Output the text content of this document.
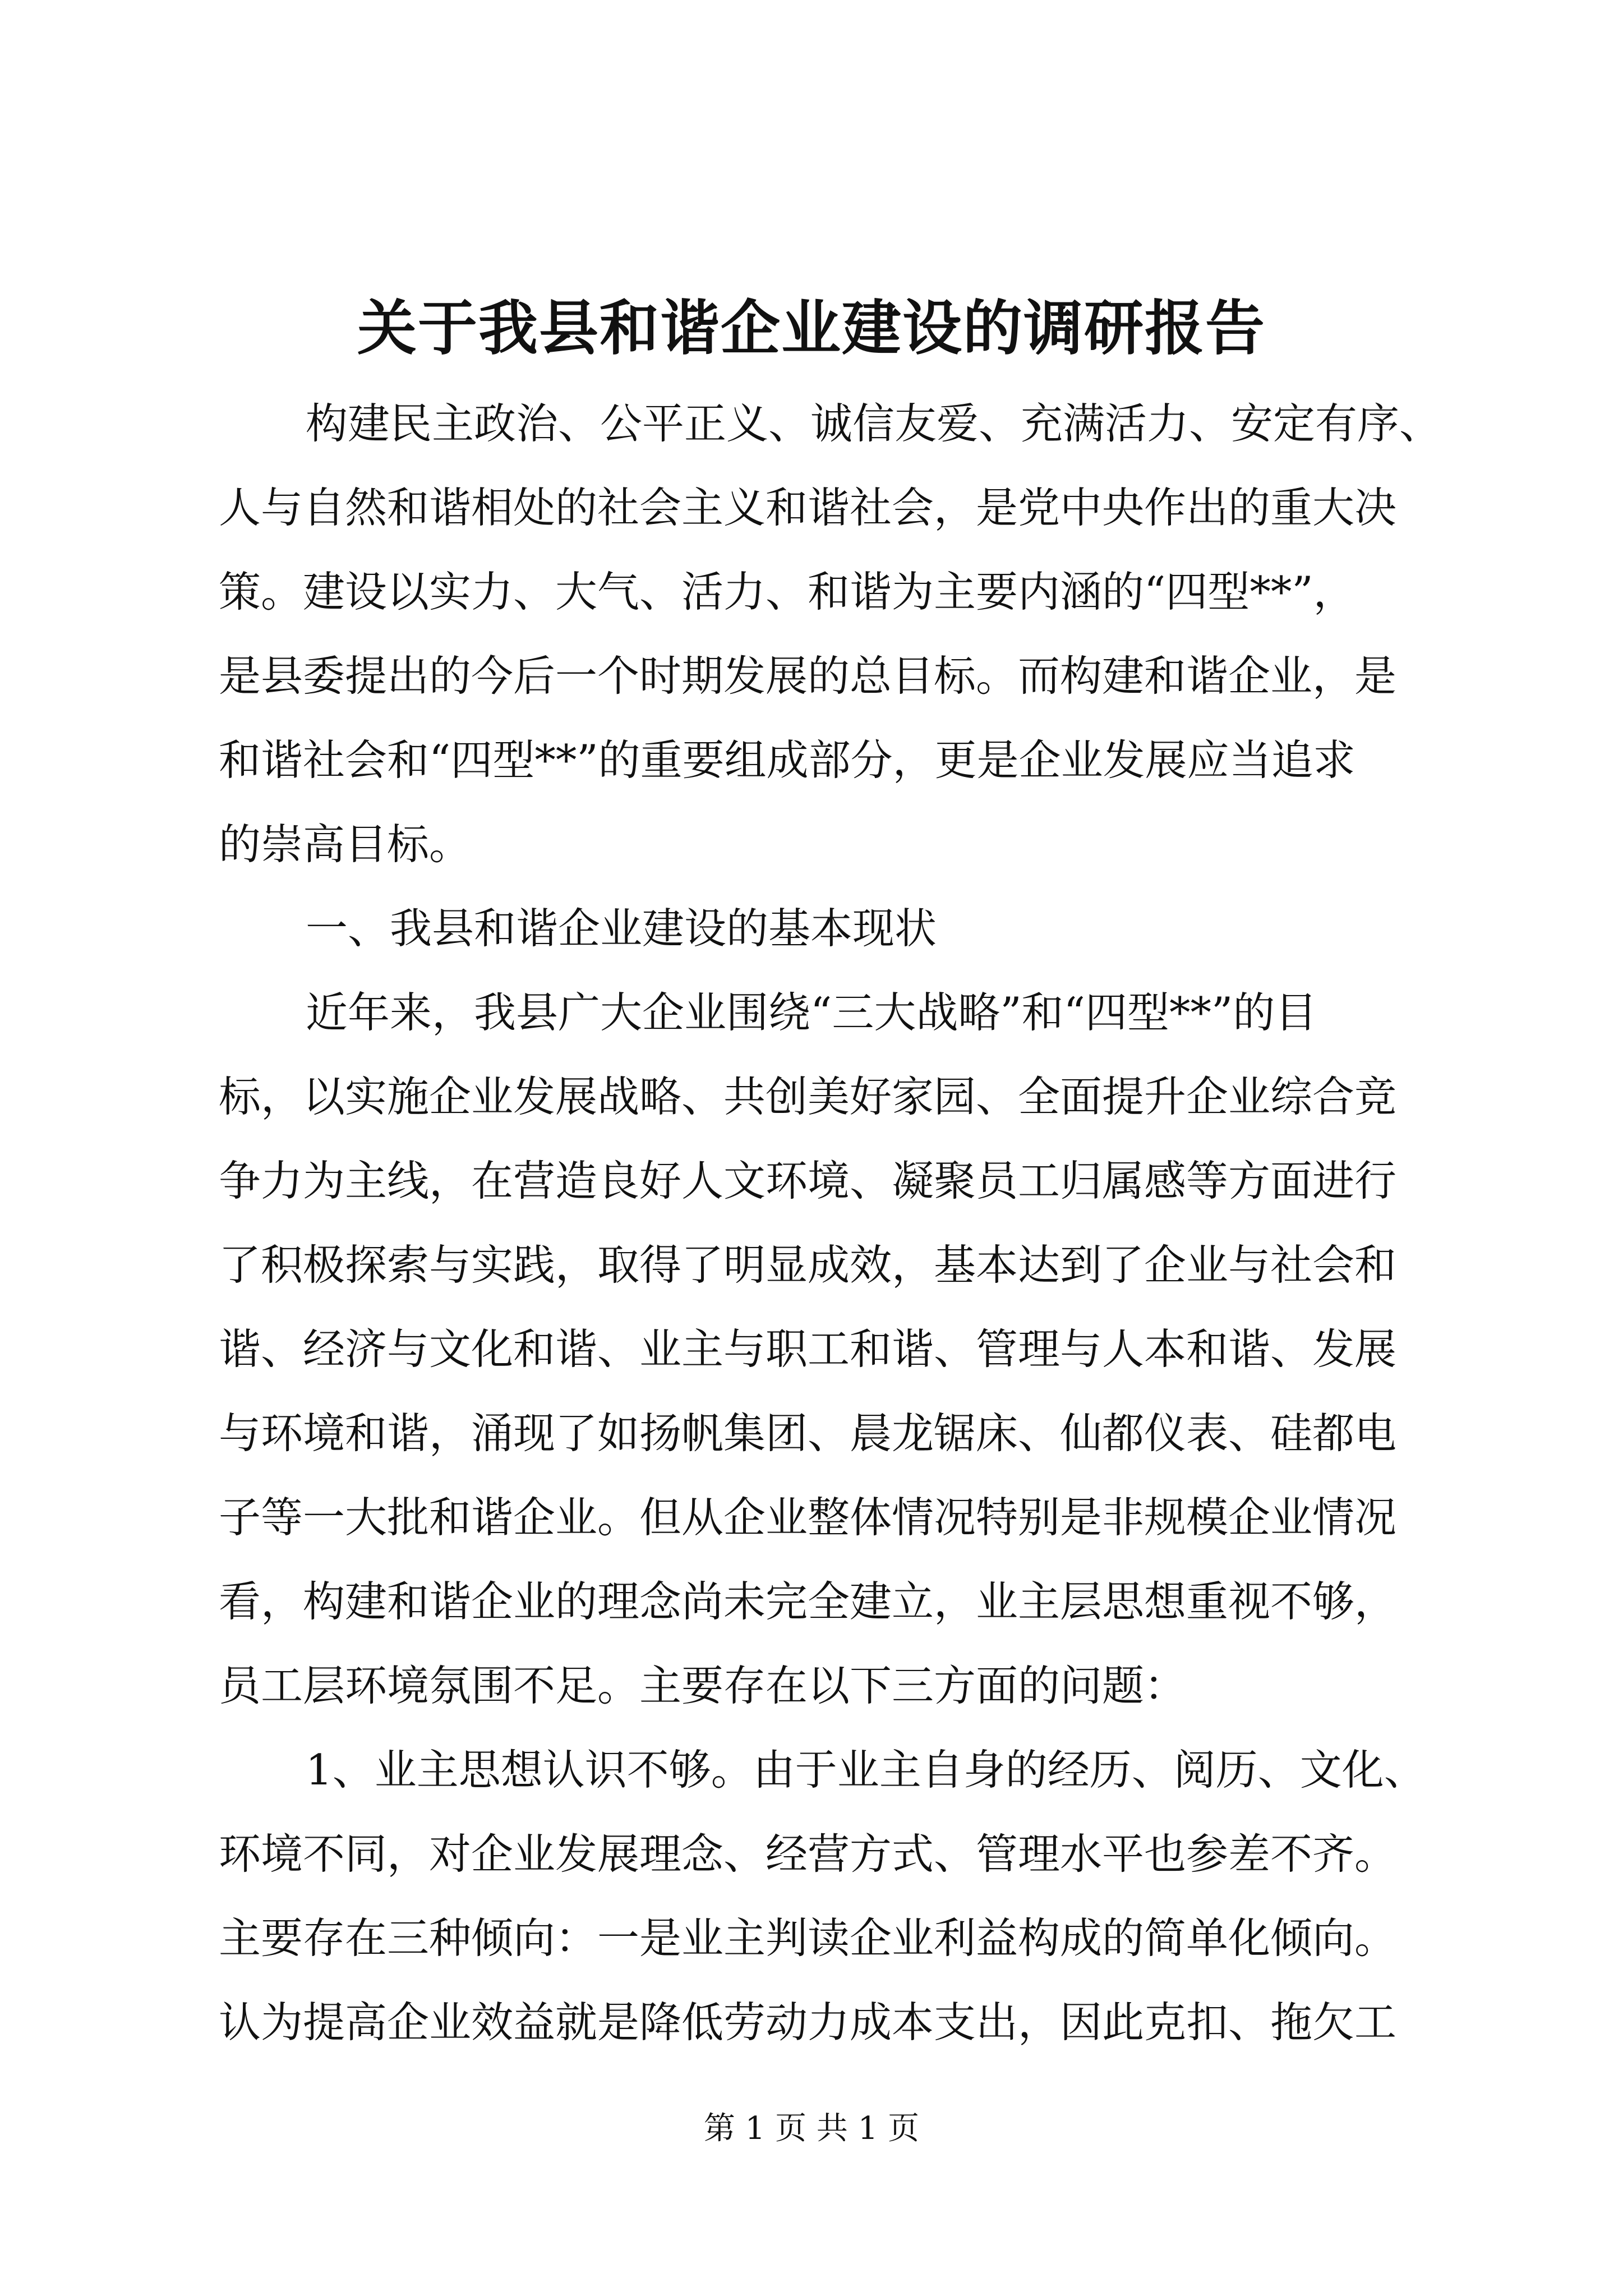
关于我县和谐企业建设的调研报告
构建民主政治、公平正义、诚信友爱、充满活力、安定有序、
人与自然和谐相处的社会主义和谐社会，是党中央作出的重大决
策。建设以实力、大气、活力、和谐为主要内涵的“四型**”，
是县委提出的今后一个时期发展的总目标。而构建和谐企业，是
和谐社会和“四型**”的重要组成部分，更是企业发展应当追求
的崇高目标。
一、我县和谐企业建设的基本现状
近年来，我县广大企业围绕“三大战略”和“四型**”的目
标，以实施企业发展战略、共创美好家园、全面提升企业综合竞
争力为主线，在营造良好人文环境、凝聚员工归属感等方面进行
了积极探索与实践，取得了明显成效，基本达到了企业与社会和
谐、经济与文化和谐、业主与职工和谐、管理与人本和谐、发展
与环境和谐，涌现了如扬帆集团、晨龙锯床、仙都仪表、硅都电
子等一大批和谐企业。但从企业整体情况特别是非规模企业情况
看，构建和谐企业的理念尚未完全建立，业主层思想重视不够，
员工层环境氛围不足。主要存在以下三方面的问题：
1、业主思想认识不够。由于业主自身的经历、阅历、文化、
环境不同，对企业发展理念、经营方式、管理水平也参差不齐。
主要存在三种倾向：一是业主判读企业利益构成的简单化倾向。
认为提高企业效益就是降低劳动力成本支出，因此克扣、拖欠工
第 1 页 共 1 页
